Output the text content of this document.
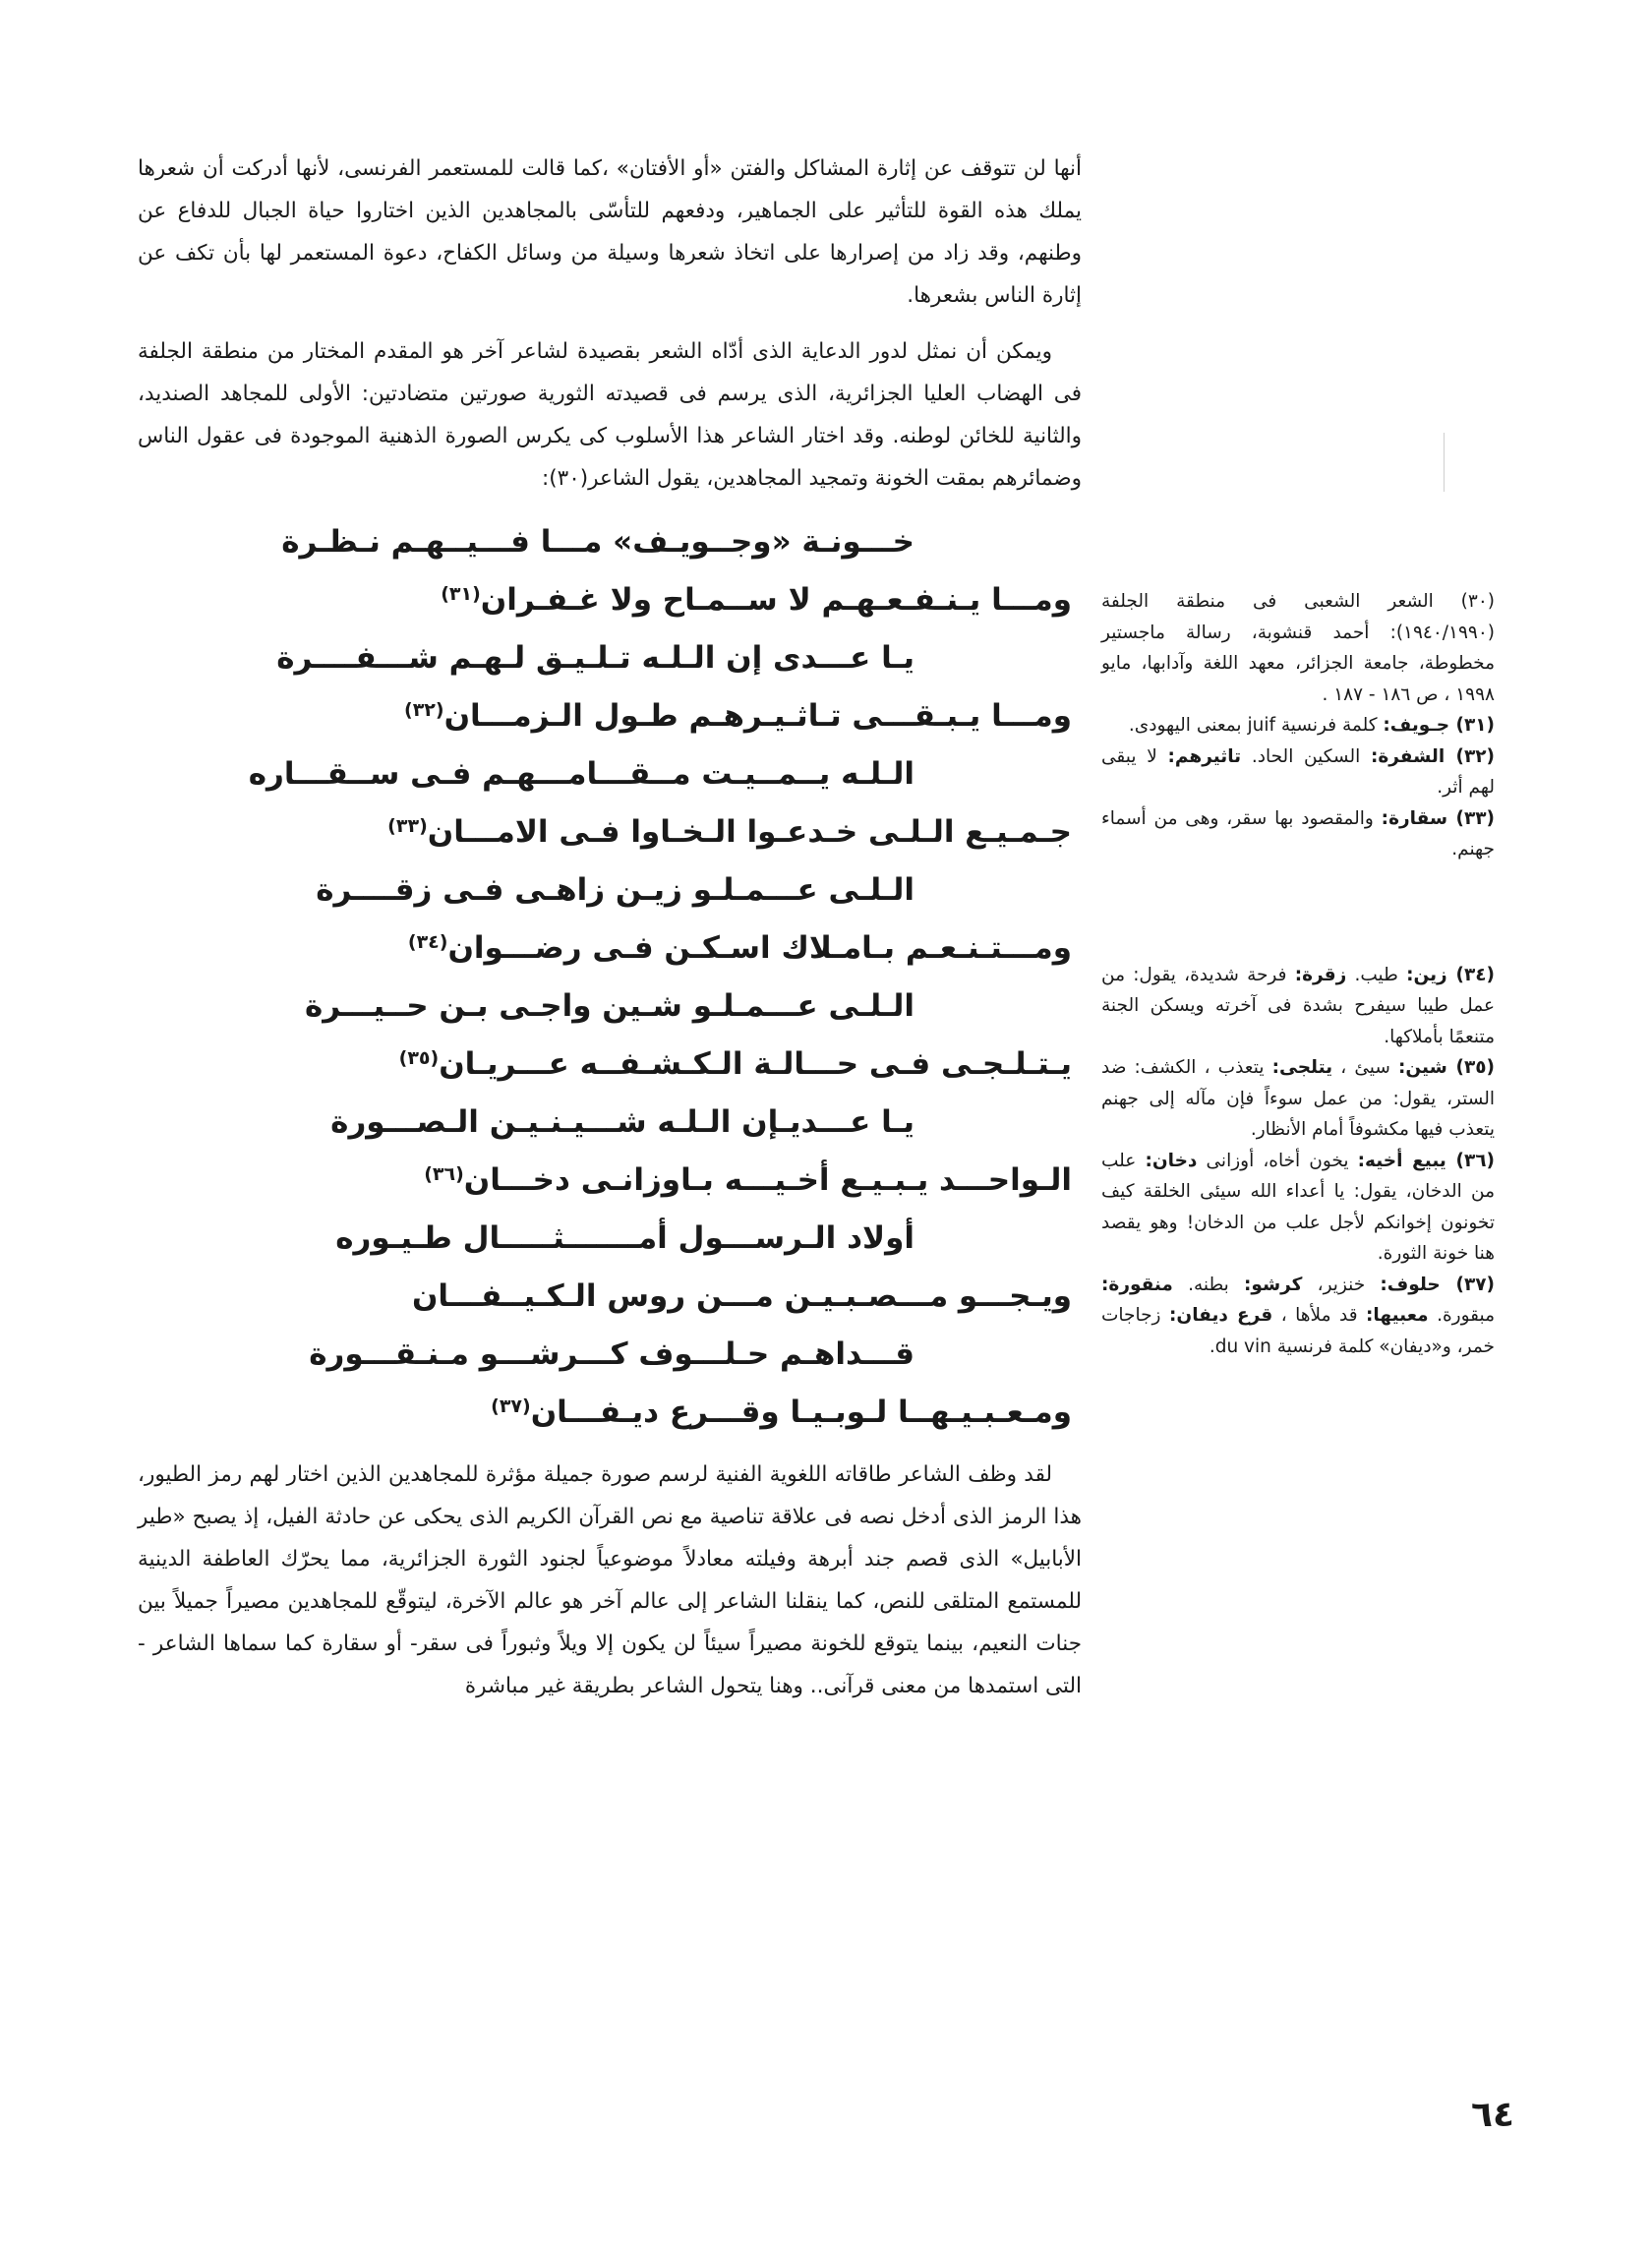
أنها لن تتوقف عن إثارة المشاكل والفتن «أو الأفتان» ،كما قالت للمستعمر الفرنسى، لأنها أدركت أن شعرها يملك هذه القوة للتأثير على الجماهير، ودفعهم للتأسّى بالمجاهدين الذين اختاروا حياة الجبال للدفاع عن وطنهم، وقد زاد من إصرارها على اتخاذ شعرها وسيلة من وسائل الكفاح، دعوة المستعمر لها بأن تكف عن إثارة الناس بشعرها.

ويمكن أن نمثل لدور الدعاية الذى أدّاه الشعر بقصيدة لشاعر آخر هو المقدم المختار من منطقة الجلفة فى الهضاب العليا الجزائرية، الذى يرسم فى قصيدته الثورية صورتين متضادتين: الأولى للمجاهد الصنديد، والثانية للخائن لوطنه. وقد اختار الشاعر هذا الأسلوب كى يكرس الصورة الذهنية الموجودة فى عقول الناس وضمائرهم بمقت الخونة وتمجيد المجاهدين، يقول الشاعر(٣٠):

خـــونـة «وجــويـف» مـــا فـــيــهـم نـظـرة
ومـــا يـنـفـعـهـم لا ســمـاح ولا غـفـران$^{(٣١)}$
يـا عـــدى إن الـلـه تـلـيـق لـهـم شـــفــــرة
ومـــا يـبـقـــى تـاثـيـرهـم طـول الـزمـــان$^{(٣٢)}$
الـلـه يــمــيـت مــقـــامـــهـم فـى ســقـــاره
جـمـيـع الـلـى خـدعـوا الـخـاوا فـى الامـــان$^{(٣٣)}$
الـلـى عـــمـلـو زيـن زاهـى فـى زقــــرة
ومـــتـنـعـم بـامـلاك اسـكـن فـى رضـــوان$^{(٣٤)}$
الـلـى عـــمـلـو شـين واجـى بـن حــيـــرة
يـتـلـجـى فـى حـــالـة الـكـشـفــه عـــريـان$^{(٣٥)}$
يـا عـــديـإن الـلـه شـــيـنـيـن الـصـــورة
الـواحـــد يـبـيـع أخـيـــه بـاوزانـى دخـــان$^{(٣٦)}$
أولاد الـرســـول أمـــــــثـــــال طـيـوره
ويـجـــو مـــصـبـيـن مـــن روس الـكـيــفـــان
قـــداهـم حـلـــوف كـــرشـــو مـنـقـــورة
ومـعـبـيـهــا لـوبـيـا وقـــرع ديـفـــان$^{(٣٧)}$

لقد وظف الشاعر طاقاته اللغوية الفنية لرسم صورة جميلة مؤثرة للمجاهدين الذين اختار لهم رمز الطيور، هذا الرمز الذى أدخل نصه فى علاقة تناصية مع نص القرآن الكريم الذى يحكى عن حادثة الفيل، إذ يصبح «طير الأبابيل» الذى قصم جند أبرهة وفيلته معادلاً موضوعياً لجنود الثورة الجزائرية، مما يحرّك العاطفة الدينية للمستمع المتلقى للنص، كما ينقلنا الشاعر إلى عالم آخر هو عالم الآخرة، ليتوقّع للمجاهدين مصيراً جميلاً بين جنات النعيم، بينما يتوقع للخونة مصيراً سيئاً لن يكون إلا ويلاً وثبوراً فى سقر- أو سقارة كما سماها الشاعر - التى استمدها من معنى قرآنى.. وهنا يتحول الشاعر بطريقة غير مباشرة

(٣٠) الشعر الشعبى فى منطقة الجلفة (١٩٤٠/١٩٩٠): أحمد قنشوبة، رسالة ماجستير مخطوطة، جامعة الجزائر، معهد اللغة وآدابها، مايو ١٩٩٨ ، ص ١٨٦ - ١٨٧ .

(٣١) جـويف: كلمة فرنسية juif بمعنى اليهودى.

(٣٢) الشفرة: السكين الحاد. تاثيرهم: لا يبقى لهم أثر.

(٣٣) سقارة: والمقصود بها سقر، وهى من أسماء جهنم.

(٣٤) زين: طيب. زقرة: فرحة شديدة، يقول: من عمل طيبا سيفرح بشدة فى آخرته ويسكن الجنة متنعمًا بأملاكها.

(٣٥) شين: سيئ ، يتلجى: يتعذب ، الكشف: ضد الستر، يقول: من عمل سوءاً فإن مآله إلى جهنم يتعذب فيها مكشوفاً أمام الأنظار.

(٣٦) يبيع أخيه: يخون أخاه، أوزانى دخان: علب من الدخان، يقول: يا أعداء الله سيئى الخلقة كيف تخونون إخوانكم لأجل علب من الدخان! وهو يقصد هنا خونة الثورة.

(٣٧) حلوف: خنزير، كرشو: بطنه. منقورة: مبقورة. معبيها: قد ملأها ، قرع ديفان: زجاجات خمر، و«ديفان» كلمة فرنسية du vin.

٦٤
